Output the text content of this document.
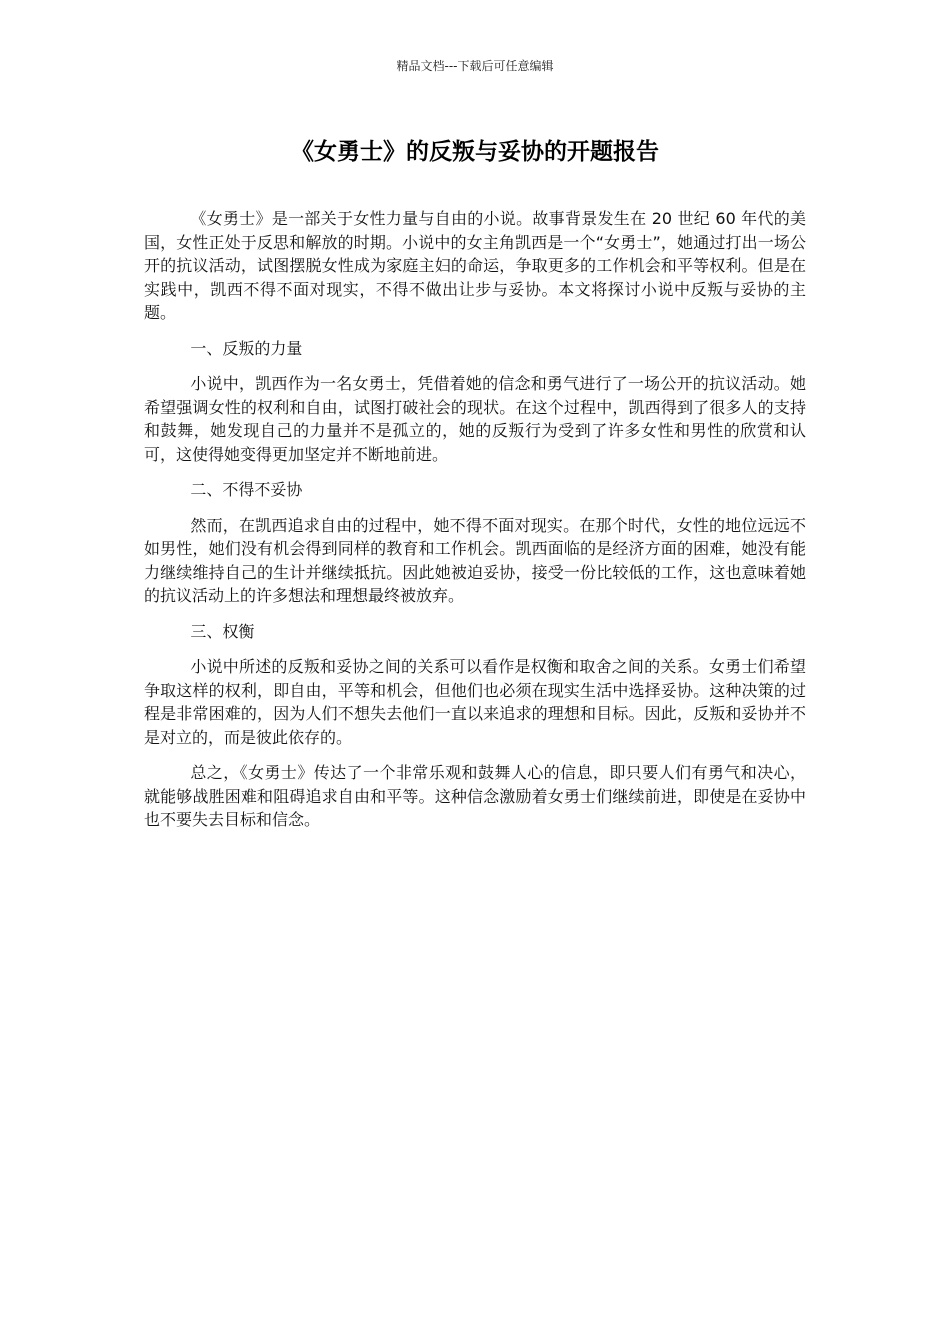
精品文档---下载后可任意编辑
《女勇士》的反叛与妥协的开题报告

《女勇士》是一部关于女性力量与自由的小说。故事背景发生在 20 世纪 60 年代的美国，女性正处于反思和解放的时期。小说中的女主角凯西是一个“女勇士”，她通过打出一场公开的抗议活动，试图摆脱女性成为家庭主妇的命运，争取更多的工作机会和平等权利。但是在实践中，凯西不得不面对现实，不得不做出让步与妥协。本文将探讨小说中反叛与妥协的主题。

一、反叛的力量

小说中，凯西作为一名女勇士，凭借着她的信念和勇气进行了一场公开的抗议活动。她希望强调女性的权利和自由，试图打破社会的现状。在这个过程中，凯西得到了很多人的支持和鼓舞，她发现自己的力量并不是孤立的，她的反叛行为受到了许多女性和男性的欣赏和认可，这使得她变得更加坚定并不断地前进。

二、不得不妥协

然而，在凯西追求自由的过程中，她不得不面对现实。在那个时代，女性的地位远远不如男性，她们没有机会得到同样的教育和工作机会。凯西面临的是经济方面的困难，她没有能力继续维持自己的生计并继续抵抗。因此她被迫妥协，接受一份比较低的工作，这也意味着她的抗议活动上的许多想法和理想最终被放弃。

三、权衡

小说中所述的反叛和妥协之间的关系可以看作是权衡和取舍之间的关系。女勇士们希望争取这样的权利，即自由，平等和机会，但他们也必须在现实生活中选择妥协。这种决策的过程是非常困难的，因为人们不想失去他们一直以来追求的理想和目标。因此，反叛和妥协并不是对立的，而是彼此依存的。

总之，《女勇士》传达了一个非常乐观和鼓舞人心的信息，即只要人们有勇气和决心，就能够战胜困难和阻碍追求自由和平等。这种信念激励着女勇士们继续前进，即使是在妥协中也不要失去目标和信念。
